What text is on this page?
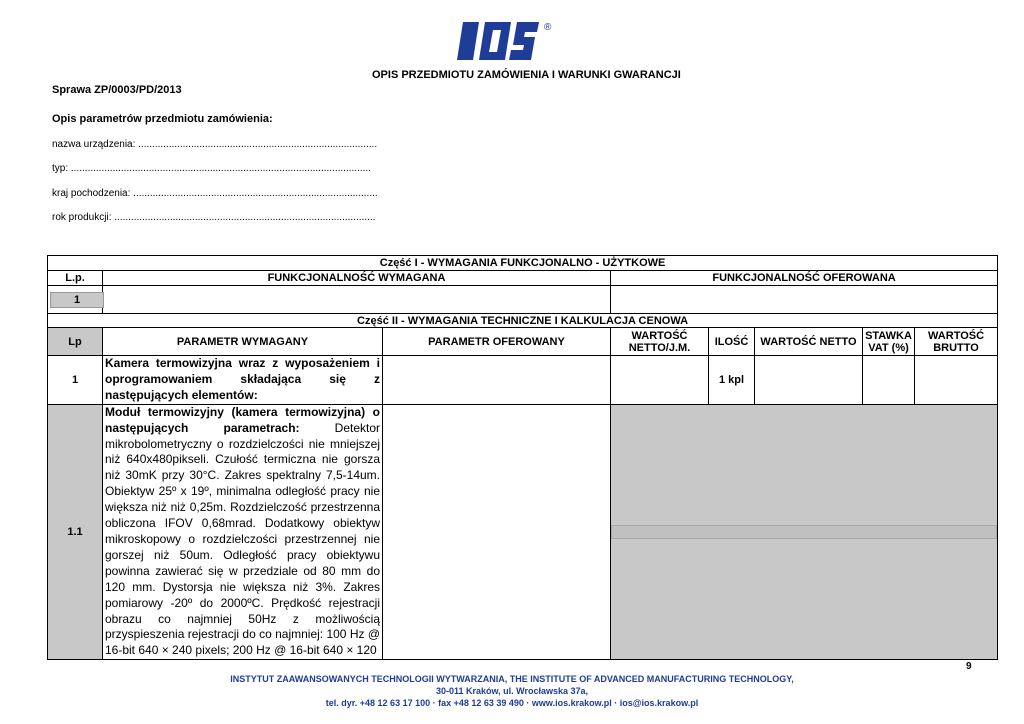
®
OPIS PRZEDMIOTU ZAMÓWIENIA I WARUNKI GWARANCJI
Sprawa ZP/0003/PD/2013
Opis parametrów przedmiotu zamówienia:
nazwa urządzenia: ......................................................................................
typ: ............................................................................................................
kraj pochodzenia: ........................................................................................
rok produkcji: ..............................................................................................
Część I - WYMAGANIA FUNKCJONALNO - UŻYTKOWE							
L.p.	FUNKCJONALNOŚĆ WYMAGANA		FUNKCJONALNOŚĆ OFEROWANA				
1							
Część II - WYMAGANIA TECHNICZNE I KALKULACJA CENOWA							
Lp	PARAMETR WYMAGANY	PARAMETR OFEROWANY	WARTOŚĆ NETTO/J.M.	ILOŚĆ	WARTOŚĆ NETTO	STAWKA VAT (%)	WARTOŚĆ BRUTTO
1	Kamera termowizyjna wraz z wyposażeniem i oprogramowaniem składająca się z następujących elementów:			1 kpl			
1.1	Moduł termowizyjny (kamera termowizyjna) o następujących parametrach: Detektor mikrobolometryczny o rozdzielczości nie mniejszej niż 640x480pikseli. Czułość termiczna nie gorsza niż 30mK przy 30°C. Zakres spektralny 7,5-14um. Obiektyw 25º x 19º, minimalna odległość pracy nie większa niż niż 0,25m. Rozdzielczość przestrzenna obliczona IFOV 0,68mrad. Dodatkowy obiektyw mikroskopowy o rozdzielczości przestrzennej nie gorszej niż 50um. Odległość pracy obiektywu powinna zawierać się w przedziale od 80 mm do 120 mm. Dystorsja nie większa niż 3%. Zakres pomiarowy -20º do 2000ºC. Prędkość rejestracji obrazu co najmniej 50Hz z możliwością przyspieszenia rejestracji do co najmniej: 100 Hz @ 16-bit 640 × 240 pixels; 200 Hz @ 16-bit 640 × 120						
9
INSTYTUT ZAAWANSOWANYCH TECHNOLOGII WYTWARZANIA, THE INSTITUTE OF ADVANCED MANUFACTURING TECHNOLOGY,
30-011 Kraków, ul. Wrocławska 37a,
tel. dyr. +48 12 63 17 100 · fax +48 12 63 39 490 · www.ios.krakow.pl · ios@ios.krakow.pl
